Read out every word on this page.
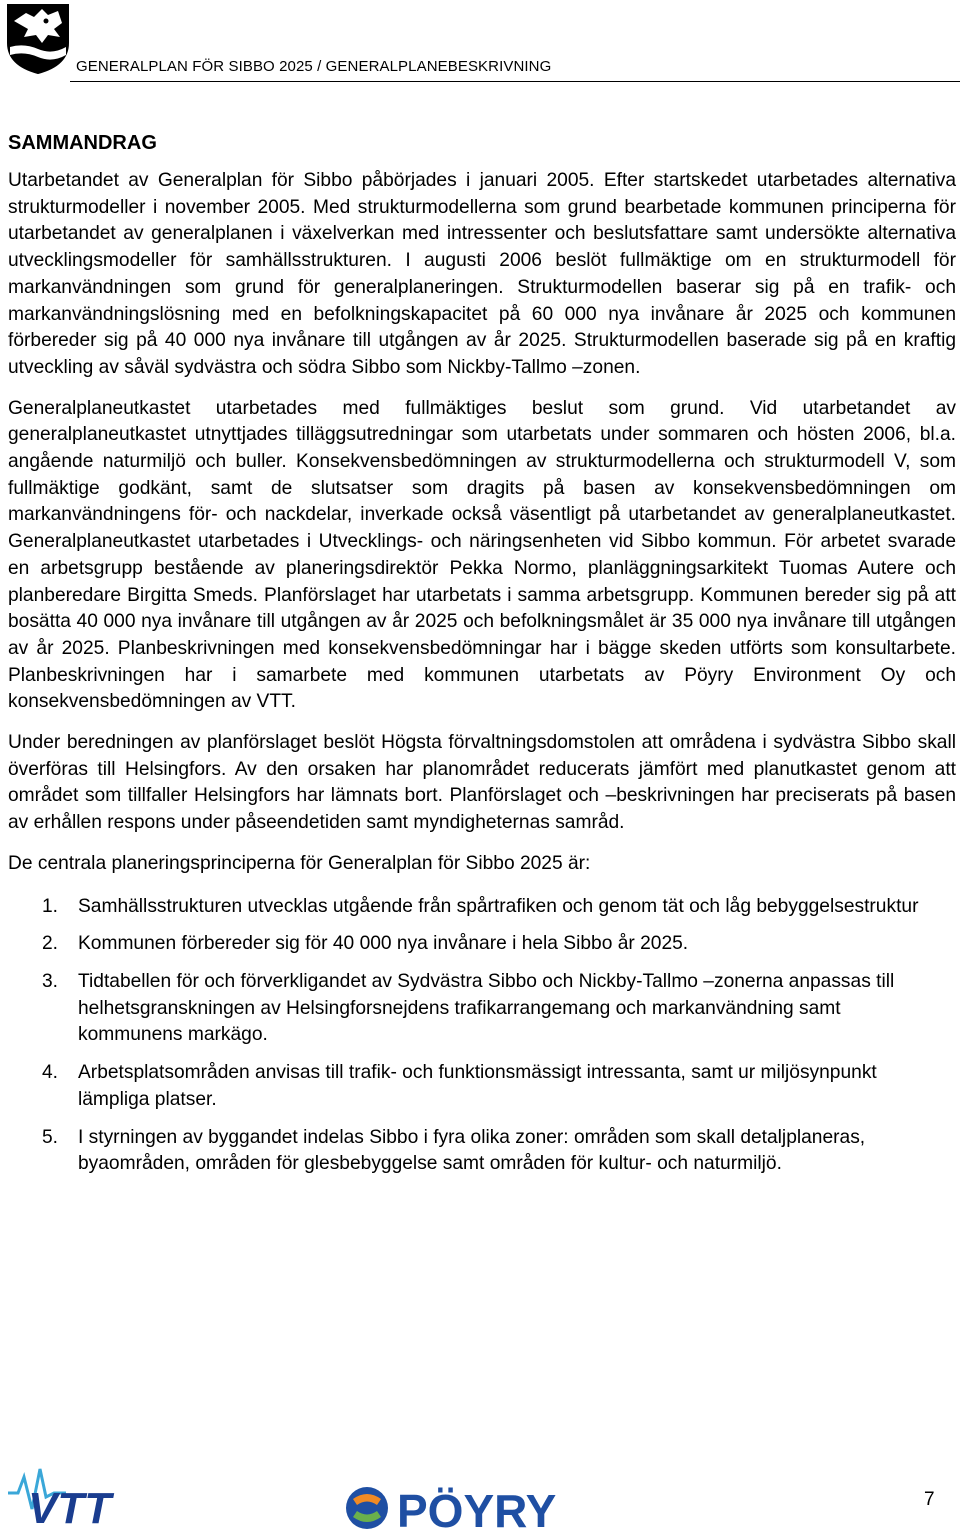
GENERALPLAN FÖR SIBBO 2025 / GENERALPLANEBESKRIVNING
SAMMANDRAG

Utarbetandet av Generalplan för Sibbo påbörjades i januari 2005. Efter startskedet utarbetades alternativa strukturmodeller i november 2005. Med strukturmodellerna som grund bearbetade kommunen principerna för utarbetandet av generalplanen i växelverkan med intressenter och beslutsfattare samt undersökte alternativa utvecklingsmodeller för samhällsstrukturen. I augusti 2006 beslöt fullmäktige om en strukturmodell för markanvändningen som grund för generalplaneringen. Strukturmodellen baserar sig på en trafik- och markanvändningslösning med en befolkningskapacitet på 60 000 nya invånare år 2025 och kommunen förbereder sig på 40 000 nya invånare till utgången av år 2025. Strukturmodellen baserade sig på en kraftig utveckling av såväl sydvästra och södra Sibbo som Nickby-Tallmo –zonen.

Generalplaneutkastet utarbetades med fullmäktiges beslut som grund. Vid utarbetandet av generalplaneutkastet utnyttjades tilläggsutredningar som utarbetats under sommaren och hösten 2006, bl.a. angående naturmiljö och buller. Konsekvensbedömningen av strukturmodellerna och strukturmodell V, som fullmäktige godkänt, samt de slutsatser som dragits på basen av konsekvensbedömningen om markanvändningens för- och nackdelar, inverkade också väsentligt på utarbetandet av generalplaneutkastet. Generalplaneutkastet utarbetades i Utvecklings- och näringsenheten vid Sibbo kommun. För arbetet svarade en arbetsgrupp bestående av planeringsdirektör Pekka Normo, planläggningsarkitekt Tuomas Autere och planberedare Birgitta Smeds. Planförslaget har utarbetats i samma arbetsgrupp. Kommunen bereder sig på att bosätta 40 000 nya invånare till utgången av år 2025 och befolkningsmålet är 35 000 nya invånare till utgången av år 2025. Planbeskrivningen med konsekvensbedömningar har i bägge skeden utförts som konsultarbete. Planbeskrivningen har i samarbete med kommunen utarbetats av Pöyry Environment Oy och konsekvensbedömningen av VTT.

Under beredningen av planförslaget beslöt Högsta förvaltningsdomstolen att områdena i sydvästra Sibbo skall överföras till Helsingfors. Av den orsaken har planområdet reducerats jämfört med planutkastet genom att området som tillfaller Helsingfors har lämnats bort. Planförslaget och –beskrivningen har preciserats på basen av erhållen respons under påseendetiden samt myndigheternas samråd.

De centrala planeringsprinciperna för Generalplan för Sibbo 2025 är:

1.	Samhällsstrukturen utvecklas utgående från spårtrafiken och genom tät och låg bebyggelsestruktur
2.	Kommunen förbereder sig för 40 000 nya invånare i hela Sibbo år 2025.
3.	Tidtabellen för och förverkligandet av Sydvästra Sibbo och Nickby-Tallmo –zonerna anpassas till helhetsgranskningen av Helsingforsnejdens trafikarrangemang och markanvändning samt kommunens markägo.
4.	Arbetsplatsområden anvisas till trafik- och funktionsmässigt intressanta, samt ur miljösynpunkt lämpliga platser.
5.	I styrningen av byggandet indelas Sibbo i fyra olika zoner: områden som skall detaljplaneras, byaområden, områden för glesbebyggelse samt områden för kultur- och naturmiljö.
VTT	PÖYRY	7
